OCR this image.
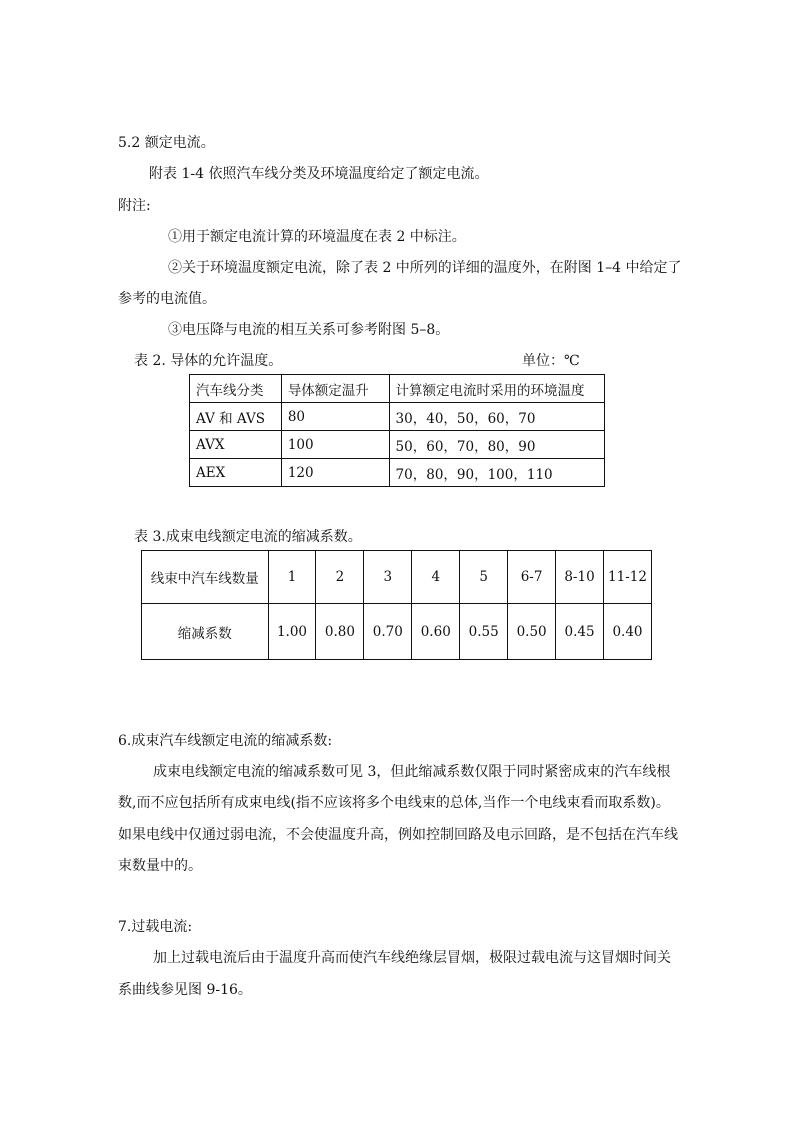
5.2 额定电流。
附表 1-4 依照汽车线分类及环境温度给定了额定电流。
附注:
①用于额定电流计算的环境温度在表 2 中标注。
②关于环境温度额定电流，除了表 2 中所列的详细的温度外，在附图 1–4 中给定了
参考的电流值。
③电压降与电流的相互关系可参考附图 5–8。
表 2. 导体的允许温度。	单位：℃
汽车线分类	导体额定温升	计算额定电流时采用的环境温度
AV 和 AVS	80	30，40，50，60，70
AVX	100	50，60，70，80，90
AEX	120	70，80，90，100，110
表 3.成束电线额定电流的缩减系数。
线束中汽车线数量	1	2	3	4	5	6-7	8-10	11-12
缩减系数	1.00	0.80	0.70	0.60	0.55	0.50	0.45	0.40
6.成束汽车线额定电流的缩减系数:
成束电线额定电流的缩减系数可见 3，但此缩减系数仅限于同时紧密成束的汽车线根
数,而不应包括所有成束电线(指不应该将多个电线束的总体,当作一个电线束看而取系数)。
如果电线中仅通过弱电流，不会使温度升高，例如控制回路及电示回路，是不包括在汽车线
束数量中的。
7.过载电流:
加上过载电流后由于温度升高而使汽车线绝缘层冒烟，极限过载电流与这冒烟时间关
系曲线参见图 9-16。
